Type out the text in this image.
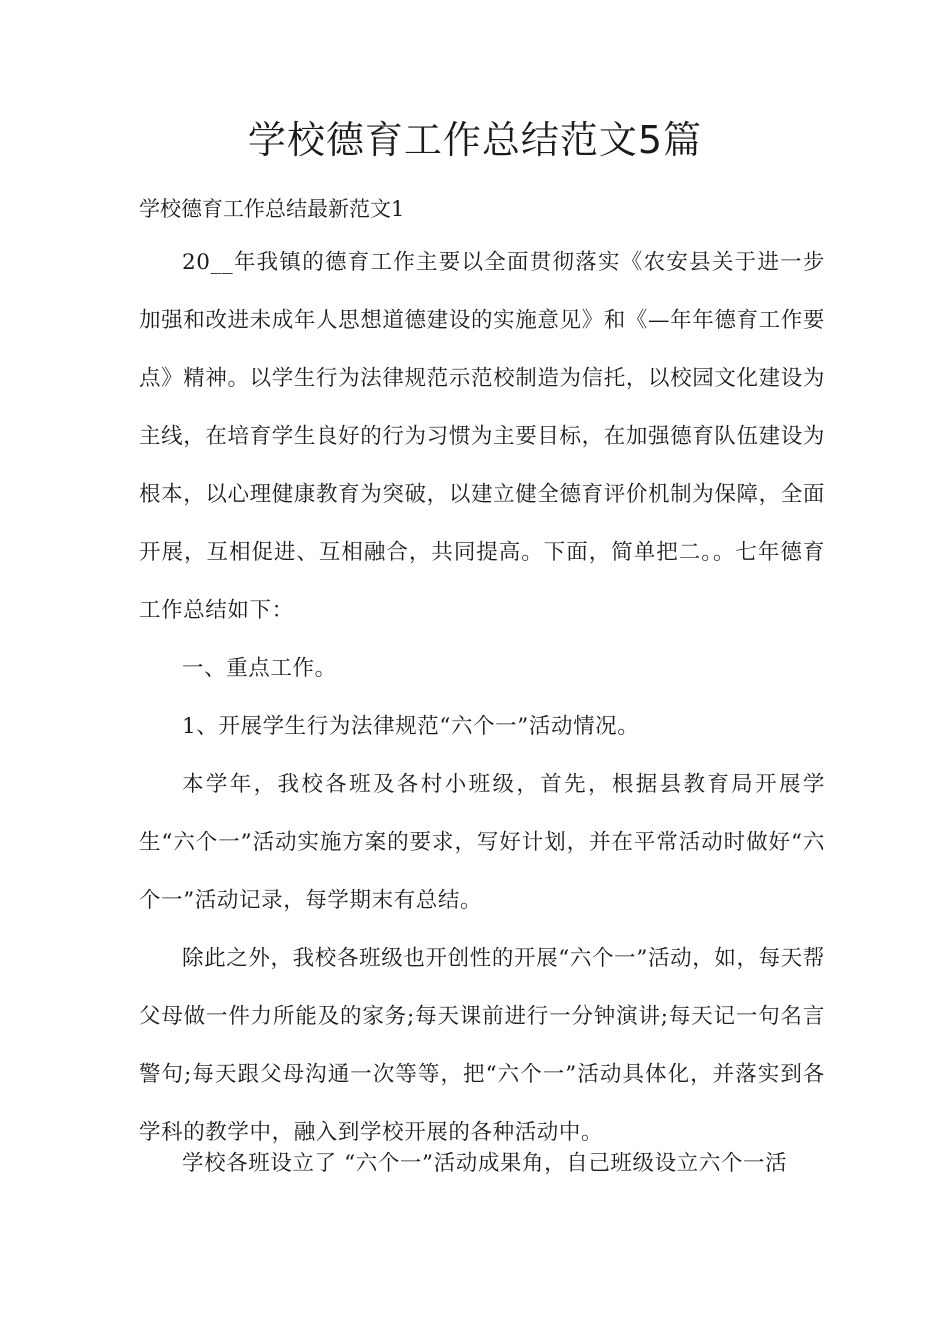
学校德育工作总结范文5篇

学校德育工作总结最新范文1

20__年我镇的德育工作主要以全面贯彻落实《农安县关于进一步加强和改进未成年人思想道德建设的实施意见》和《—年年德育工作要点》精神。以学生行为法律规范示范校制造为信托，以校园文化建设为主线，在培育学生良好的行为习惯为主要目标，在加强德育队伍建设为根本，以心理健康教育为突破，以建立健全德育评价机制为保障，全面开展，互相促进、互相融合，共同提高。下面，简单把二。。七年德育工作总结如下：

一、重点工作。

1、开展学生行为法律规范“六个一”活动情况。

本学年，我校各班及各村小班级，首先，根据县教育局开展学生“六个一”活动实施方案的要求，写好计划，并在平常活动时做好“六个一”活动记录，每学期末有总结。

除此之外，我校各班级也开创性的开展“六个一”活动，如，每天帮父母做一件力所能及的家务;每天课前进行一分钟演讲;每天记一句名言警句;每天跟父母沟通一次等等，把“六个一”活动具体化，并落实到各学科的教学中，融入到学校开展的各种活动中。

学校各班设立了 “六个一”活动成果角，自己班级设立六个一活
